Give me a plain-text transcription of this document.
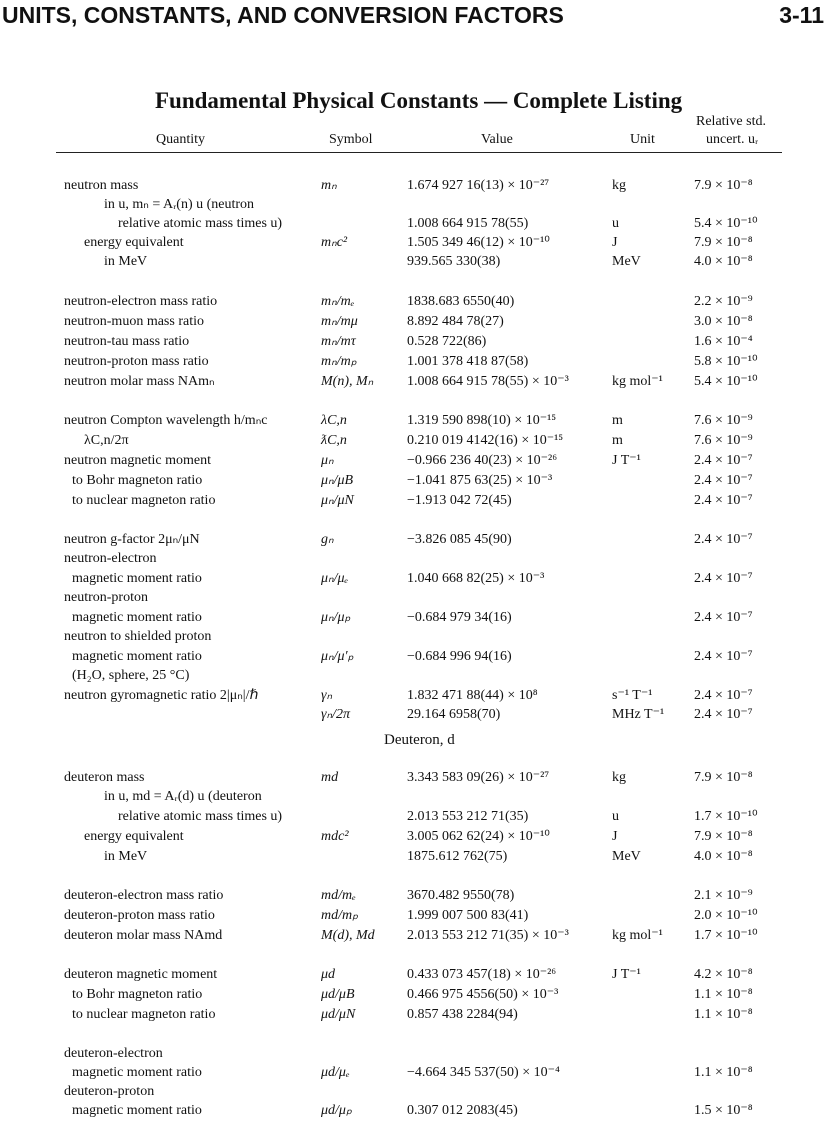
UNITS, CONSTANTS, AND CONVERSION FACTORS	3-11
Fundamental Physical Constants — Complete Listing
Relative std.
Quantity	Symbol	Value	Unit	uncert. uᵣ
Deuteron, d
neutron mass	mₙ	1.674 927 16(13) × 10⁻²⁷	kg	7.9 × 10⁻⁸
in u, mₙ = Aᵣ(n) u (neutron
relative atomic mass times u)	1.008 664 915 78(55)	u	5.4 × 10⁻¹⁰
energy equivalent	mₙc²	1.505 349 46(12) × 10⁻¹⁰	J	7.9 × 10⁻⁸
in MeV	939.565 330(38)	MeV	4.0 × 10⁻⁸
neutron-electron mass ratio	mₙ/mₑ	1838.683 6550(40)	2.2 × 10⁻⁹
neutron-muon mass ratio	mₙ/mμ	8.892 484 78(27)	3.0 × 10⁻⁸
neutron-tau mass ratio	mₙ/mτ	0.528 722(86)	1.6 × 10⁻⁴
neutron-proton mass ratio	mₙ/mₚ	1.001 378 418 87(58)	5.8 × 10⁻¹⁰
neutron molar mass NAmₙ	M(n), Mₙ 1.008 664 915 78(55) × 10⁻³	kg mol⁻¹ 5.4 × 10⁻¹⁰
neutron Compton wavelength h/mₙc	λC,n	1.319 590 898(10) × 10⁻¹⁵	m	7.6 × 10⁻⁹
λC,n/2π	ƛC,n	0.210 019 4142(16) × 10⁻¹⁵	m	7.6 × 10⁻⁹
neutron magnetic moment	μₙ	−0.966 236 40(23) × 10⁻²⁶	J T⁻¹	2.4 × 10⁻⁷
to Bohr magneton ratio	μₙ/μB	−1.041 875 63(25) × 10⁻³	2.4 × 10⁻⁷
to nuclear magneton ratio	μₙ/μN	−1.913 042 72(45)	2.4 × 10⁻⁷
neutron g-factor 2μₙ/μN	gₙ	−3.826 085 45(90)	2.4 × 10⁻⁷
neutron-electron
magnetic moment ratio	μₙ/μₑ	1.040 668 82(25) × 10⁻³	2.4 × 10⁻⁷
neutron-proton
magnetic moment ratio	μₙ/μₚ	−0.684 979 34(16)	2.4 × 10⁻⁷
neutron to shielded proton
magnetic moment ratio	μₙ/μ′ₚ	−0.684 996 94(16)	2.4 × 10⁻⁷
(H₂O, sphere, 25 °C)
neutron gyromagnetic ratio 2|μₙ|/ℏ	γₙ	1.832 471 88(44) × 10⁸	s⁻¹ T⁻¹	2.4 × 10⁻⁷
γₙ/2π	29.164 6958(70)	MHz T⁻¹ 2.4 × 10⁻⁷
deuteron mass	md	3.343 583 09(26) × 10⁻²⁷	kg	7.9 × 10⁻⁸
in u, md = Aᵣ(d) u (deuteron
relative atomic mass times u)	2.013 553 212 71(35)	u	1.7 × 10⁻¹⁰
energy equivalent	mdc²	3.005 062 62(24) × 10⁻¹⁰	J	7.9 × 10⁻⁸
in MeV	1875.612 762(75)	MeV	4.0 × 10⁻⁸
deuteron-electron mass ratio	md/mₑ	3670.482 9550(78)	2.1 × 10⁻⁹
deuteron-proton mass ratio	md/mₚ	1.999 007 500 83(41)	2.0 × 10⁻¹⁰
deuteron molar mass NAmd	M(d), Md 2.013 553 212 71(35) × 10⁻³	kg mol⁻¹ 1.7 × 10⁻¹⁰
deuteron magnetic moment	μd	0.433 073 457(18) × 10⁻²⁶	J T⁻¹	4.2 × 10⁻⁸
to Bohr magneton ratio	μd/μB	0.466 975 4556(50) × 10⁻³	1.1 × 10⁻⁸
to nuclear magneton ratio	μd/μN	0.857 438 2284(94)	1.1 × 10⁻⁸
deuteron-electron
magnetic moment ratio	μd/μₑ	−4.664 345 537(50) × 10⁻⁴	1.1 × 10⁻⁸
deuteron-proton
magnetic moment ratio	μd/μₚ	0.307 012 2083(45)	1.5 × 10⁻⁸
